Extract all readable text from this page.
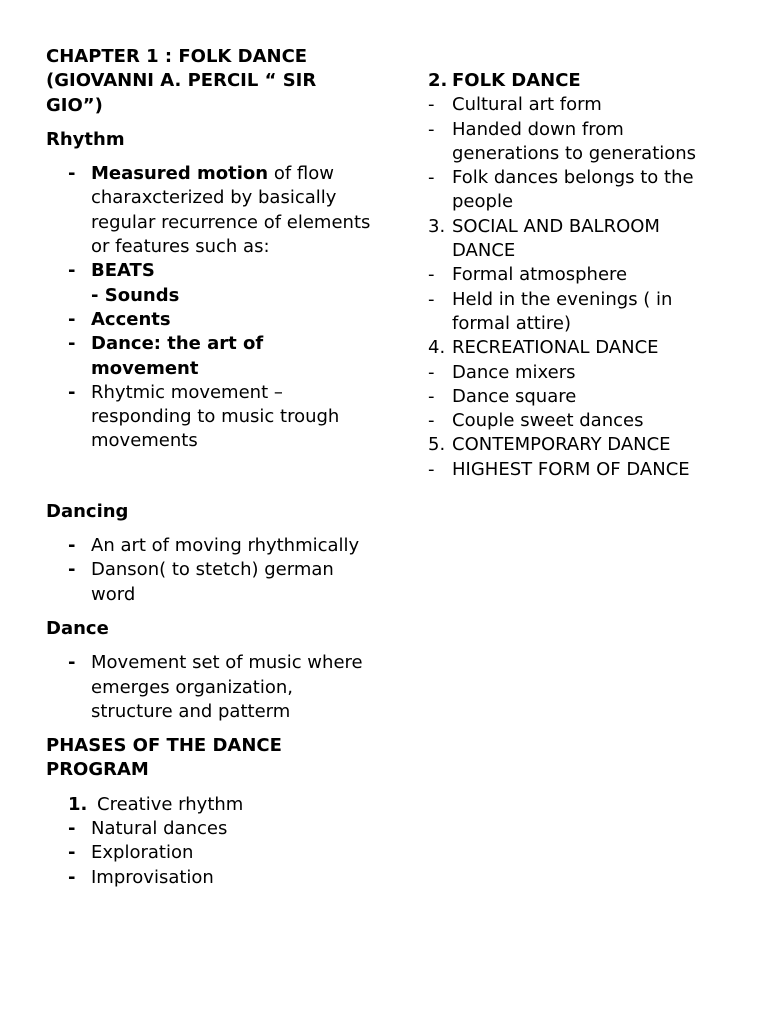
CHAPTER 1 : FOLK DANCE
(GIOVANNI A. PERCIL “ SIR
GIO”)
Rhythm
- Measured motion of flow charaxcterized by basically regular recurrence of elements or features such as:
- BEATS
- Sounds
- Accents
- Dance: the art of movement
- Rhytmic movement – responding to music trough movements
Dancing
- An art of moving rhythmically
- Danson( to stetch) german word
Dance
- Movement set of music where emerges organization, structure and patterm
PHASES OF THE DANCE PROGRAM
1. Creative rhythm
- Natural dances
- Exploration
- Improvisation
2. FOLK DANCE
- Cultural art form
- Handed down from generations to generations
- Folk dances belongs to the people
3. SOCIAL AND BALROOM DANCE
- Formal atmosphere
- Held in the evenings ( in formal attire)
4. RECREATIONAL DANCE
- Dance mixers
- Dance square
- Couple sweet dances
5. CONTEMPORARY DANCE
- HIGHEST FORM OF DANCE
